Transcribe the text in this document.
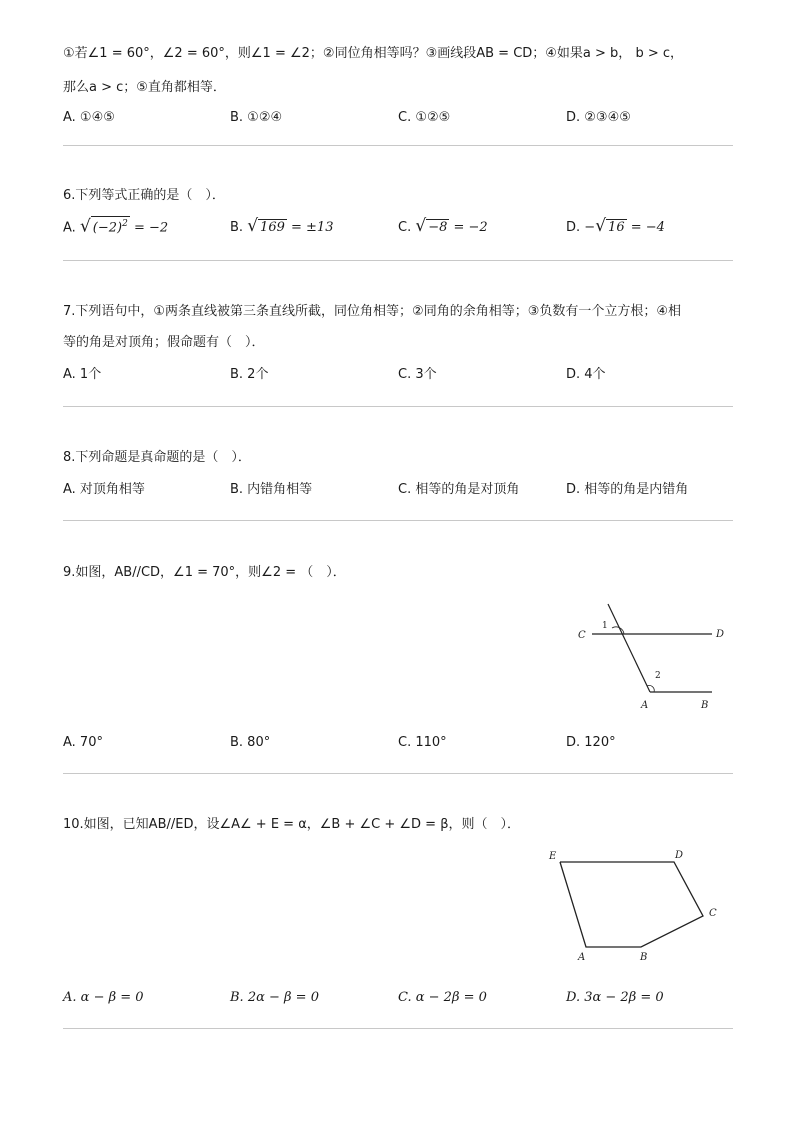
①若∠1 = 60°，∠2 = 60°，则∠1 = ∠2；②同位角相等吗？③画线段AB = CD；④如果a > b， b > c，
那么a > c；⑤直角都相等．
A. ①④⑤	B. ①②④	C. ①②⑤	D. ②③④⑤
6.下列等式正确的是（　）．
A. √ $(-2)^2 = -2$	B. √ 169 = ±13	C. √ −8 = −2	D. −√ 16 = −4
7.下列语句中，①两条直线被第三条直线所截，同位角相等；②同角的余角相等；③负数有一个立方根；④相
等的角是对顶角；假命题有（　）．
A. 1个	B. 2个	C. 3个	D. 4个
8.下列命题是真命题的是（　）．
A. 对顶角相等	B. 内错角相等	C. 相等的角是对顶角	D. 相等的角是内错角
9.如图，AB//CD，∠1 = 70°，则∠2 = （　）．
C	D
A	B
1
2
A. 70°	B. 80°	C. 110°	D. 120°
10.如图，已知AB//ED，设∠A∠ + E = α，∠B + ∠C + ∠D = β，则（　）．
E	D
C
A	B
A. α − β = 0	B. 2α − β = 0	C. α − 2β = 0	D. 3α − 2β = 0
